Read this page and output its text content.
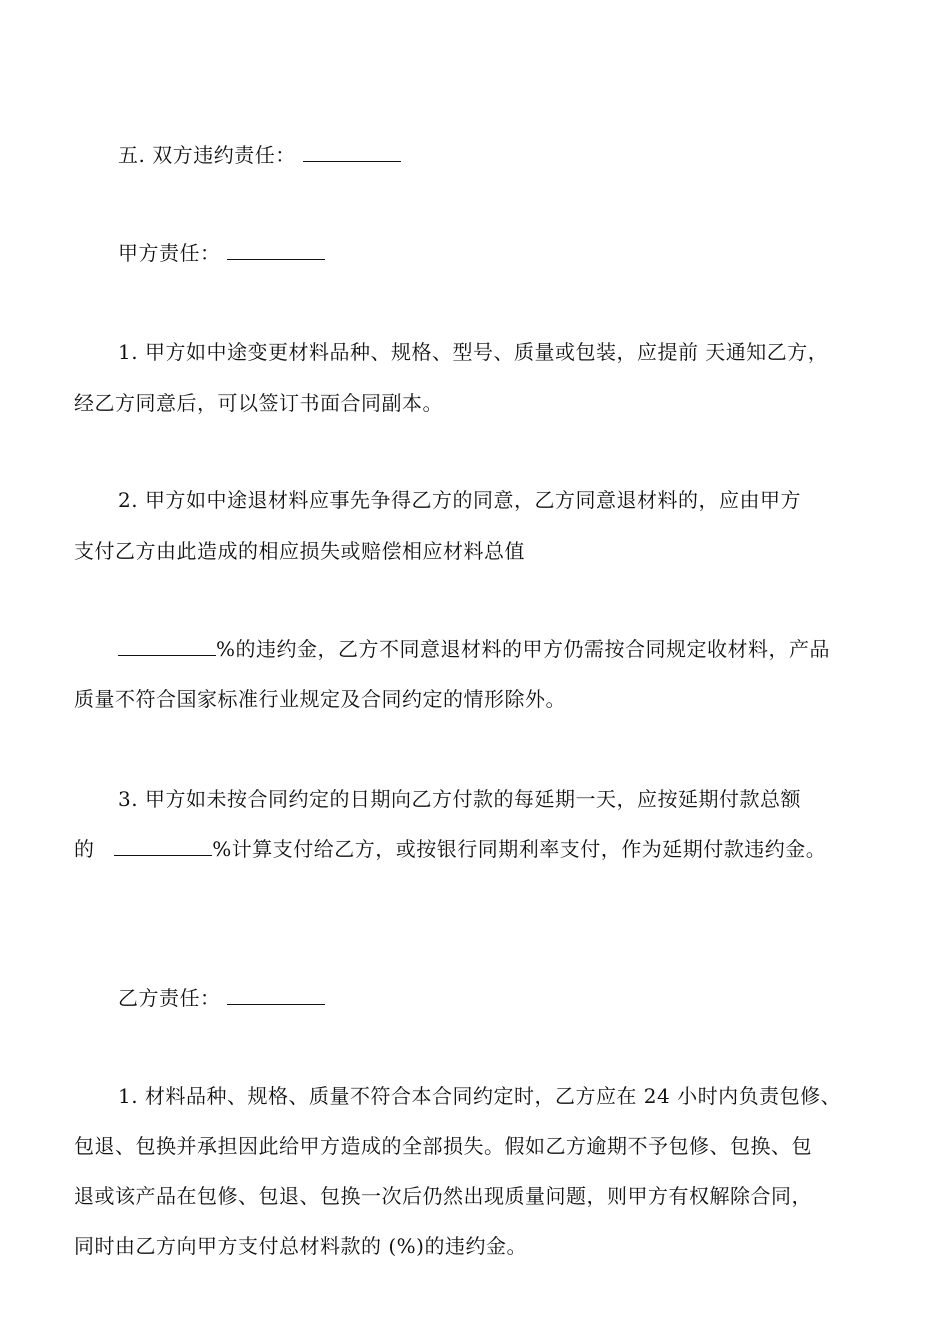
五. 双方违约责任：
甲方责任：
1. 甲方如中途变更材料品种、规格、型号、质量或包装，应提前 天通知乙方，
经乙方同意后，可以签订书面合同副本。
2. 甲方如中途退材料应事先争得乙方的同意，乙方同意退材料的，应由甲方
支付乙方由此造成的相应损失或赔偿相应材料总值
%的违约金，乙方不同意退材料的甲方仍需按合同规定收材料，产品
质量不符合国家标准行业规定及合同约定的情形除外。
3. 甲方如未按合同约定的日期向乙方付款的每延期一天，应按延期付款总额
的	%计算支付给乙方，或按银行同期利率支付，作为延期付款违约金。
乙方责任：
1. 材料品种、规格、质量不符合本合同约定时，乙方应在 24 小时内负责包修、
包退、包换并承担因此给甲方造成的全部损失。假如乙方逾期不予包修、包换、包
退或该产品在包修、包退、包换一次后仍然出现质量问题，则甲方有权解除合同，
同时由乙方向甲方支付总材料款的 (%)的违约金。
